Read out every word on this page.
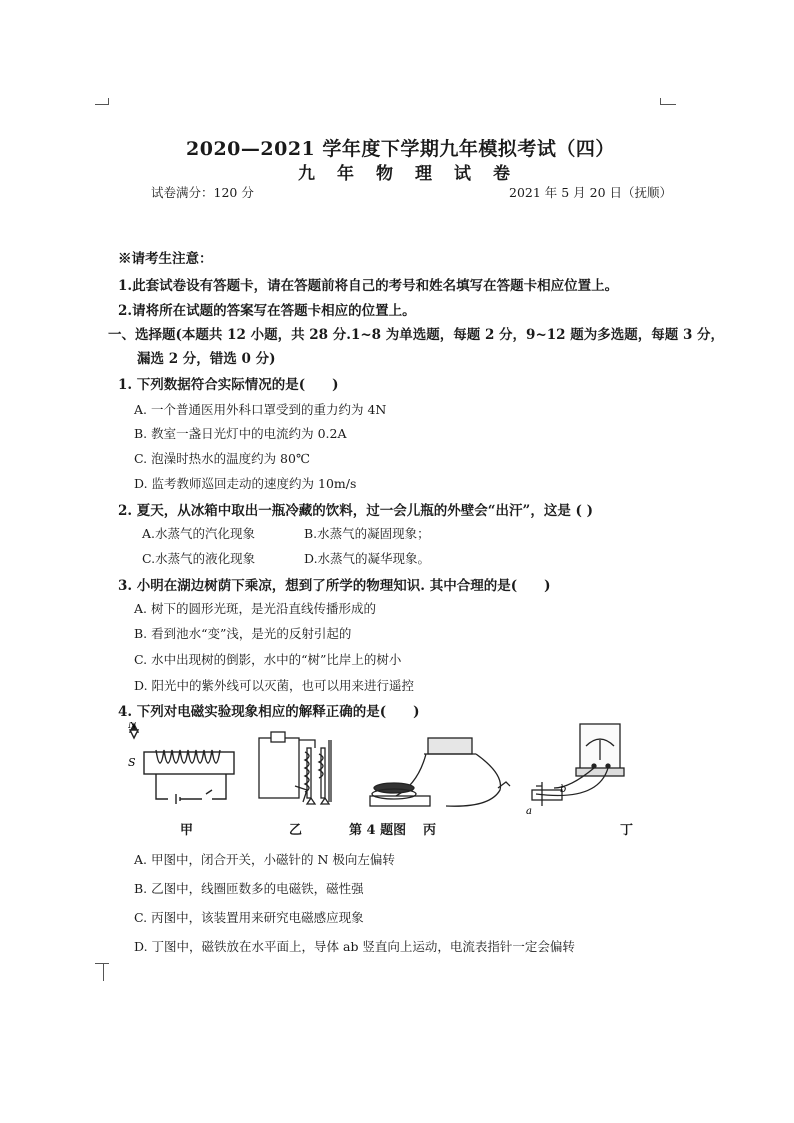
2020—2021 学年度下学期九年模拟考试（四）
九年物理试卷
试卷满分：120 分	2021 年 5 月 20 日（抚顺）
※请考生注意：
1.此套试卷设有答题卡，请在答题前将自己的考号和姓名填写在答题卡相应位置上。
2.请将所在试题的答案写在答题卡相应的位置上。
一、选择题(本题共 12 小题，共 28 分.1~8 为单选题，每题 2 分，9~12 题为多选题，每题 3 分，
漏选 2 分，错选 0 分)
1. 下列数据符合实际情况的是(　　)
A. 一个普通医用外科口罩受到的重力约为 4N
B. 教室一盏日光灯中的电流约为 0.2A
C. 泡澡时热水的温度约为 80℃
D. 监考教师巡回走动的速度约为 10m/s
2. 夏天，从冰箱中取出一瓶冷藏的饮料，过一会儿瓶的外壁会“出汗”，这是 ( )
A.水蒸气的汽化现象	B.水蒸气的凝固现象；
C.水蒸气的液化现象	D.水蒸气的凝华现象。
3. 小明在湖边树荫下乘凉，想到了所学的物理知识. 其中合理的是(　　)
A. 树下的圆形光斑，是光沿直线传播形成的
B. 看到池水“变”浅，是光的反射引起的
C. 水中出现树的倒影，水中的“树”比岸上的树小
D. 阳光中的紫外线可以灭菌，也可以用来进行遥控
4. 下列对电磁实验现象相应的解释正确的是(　　)
N
S
b
a
甲	乙	第 4 题图 丙	丁
A. 甲图中，闭合开关，小磁针的 N 极向左偏转
B. 乙图中，线圈匝数多的电磁铁，磁性强
C. 丙图中，该装置用来研究电磁感应现象
D. 丁图中，磁铁放在水平面上，导体 ab 竖直向上运动，电流表指针一定会偏转
